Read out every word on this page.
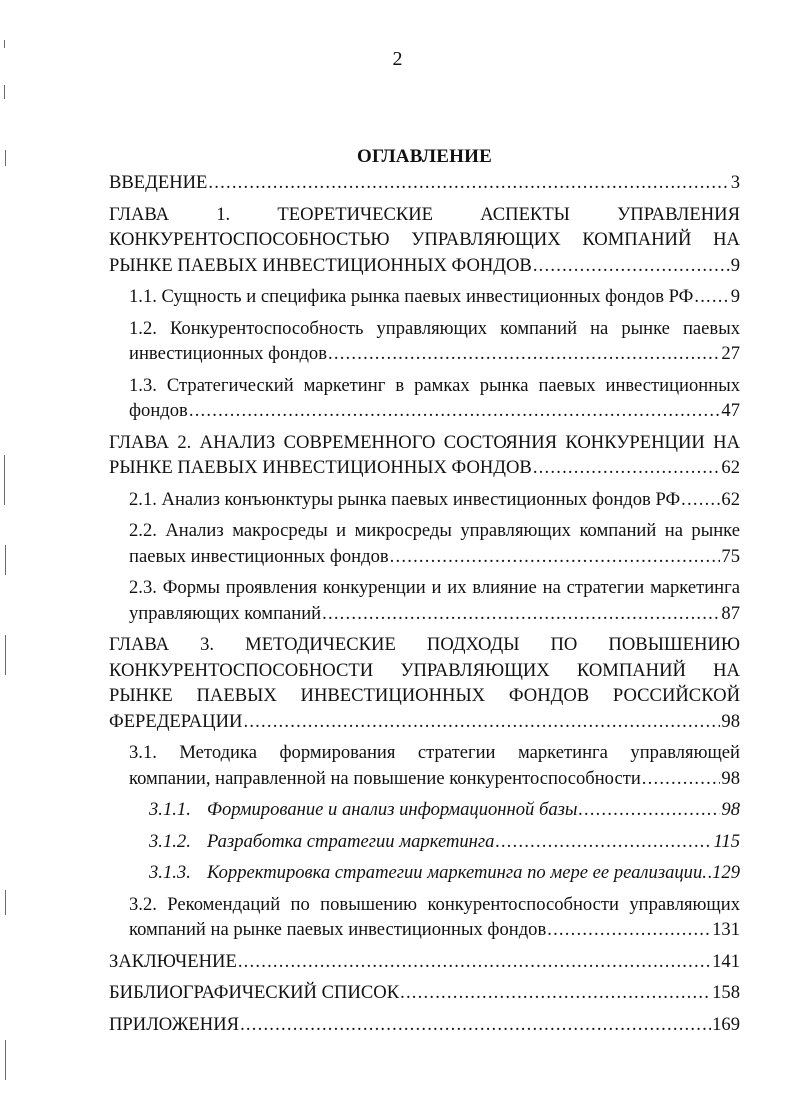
2
ОГЛАВЛЕНИЕ
ВВЕДЕНИЕ .....	3
ГЛАВА 1. ТЕОРЕТИЧЕСКИЕ АСПЕКТЫ УПРАВЛЕНИЯ
КОНКУРЕНТОСПОСОБНОСТЬЮ УПРАВЛЯЮЩИХ КОМПАНИЙ НА
РЫНКЕ ПАЕВЫХ ИНВЕСТИЦИОННЫХ ФОНДОВ .....	9
1.1. Сущность и специфика рынка паевых инвестиционных фондов РФ ..... 9
1.2. Конкурентоспособность управляющих компаний на рынке паевых
инвестиционных фондов .....	27
1.3. Стратегический маркетинг в рамках рынка паевых инвестиционных
фондов .....	47
ГЛАВА 2. АНАЛИЗ СОВРЕМЕННОГО СОСТОЯНИЯ КОНКУРЕНЦИИ НА
РЫНКЕ ПАЕВЫХ ИНВЕСТИЦИОННЫХ ФОНДОВ .....	62
2.1. Анализ конъюнктуры рынка паевых инвестиционных фондов РФ ..... 62
2.2. Анализ макросреды и микросреды управляющих компаний на рынке
паевых инвестиционных фондов .....	75
2.3. Формы проявления конкуренции и их влияние на стратегии маркетинга
управляющих компаний .....	87
ГЛАВА 3. МЕТОДИЧЕСКИЕ ПОДХОДЫ ПО ПОВЫШЕНИЮ
КОНКУРЕНТОСПОСОБНОСТИ УПРАВЛЯЮЩИХ КОМПАНИЙ НА
РЫНКЕ ПАЕВЫХ ИНВЕСТИЦИОННЫХ ФОНДОВ РОССИЙСКОЙ
ФЕРЕДЕРАЦИИ .....	98
3.1. Методика формирования стратегии маркетинга управляющей
компании, направленной на повышение конкурентоспособности .....	98
3.1.1. Формирование и анализ информационной базы .....	98
3.1.2. Разработка стратегии маркетинга .....	115
3.1.3. Корректировка стратегии маркетинга по мере ее реализации. ..... 129
3.2. Рекомендаций по повышению конкурентоспособности управляющих
компаний на рынке паевых инвестиционных фондов .....	131
ЗАКЛЮЧЕНИЕ .....	141
БИБЛИОГРАФИЧЕСКИЙ СПИСОК .....	158
ПРИЛОЖЕНИЯ .....	169
